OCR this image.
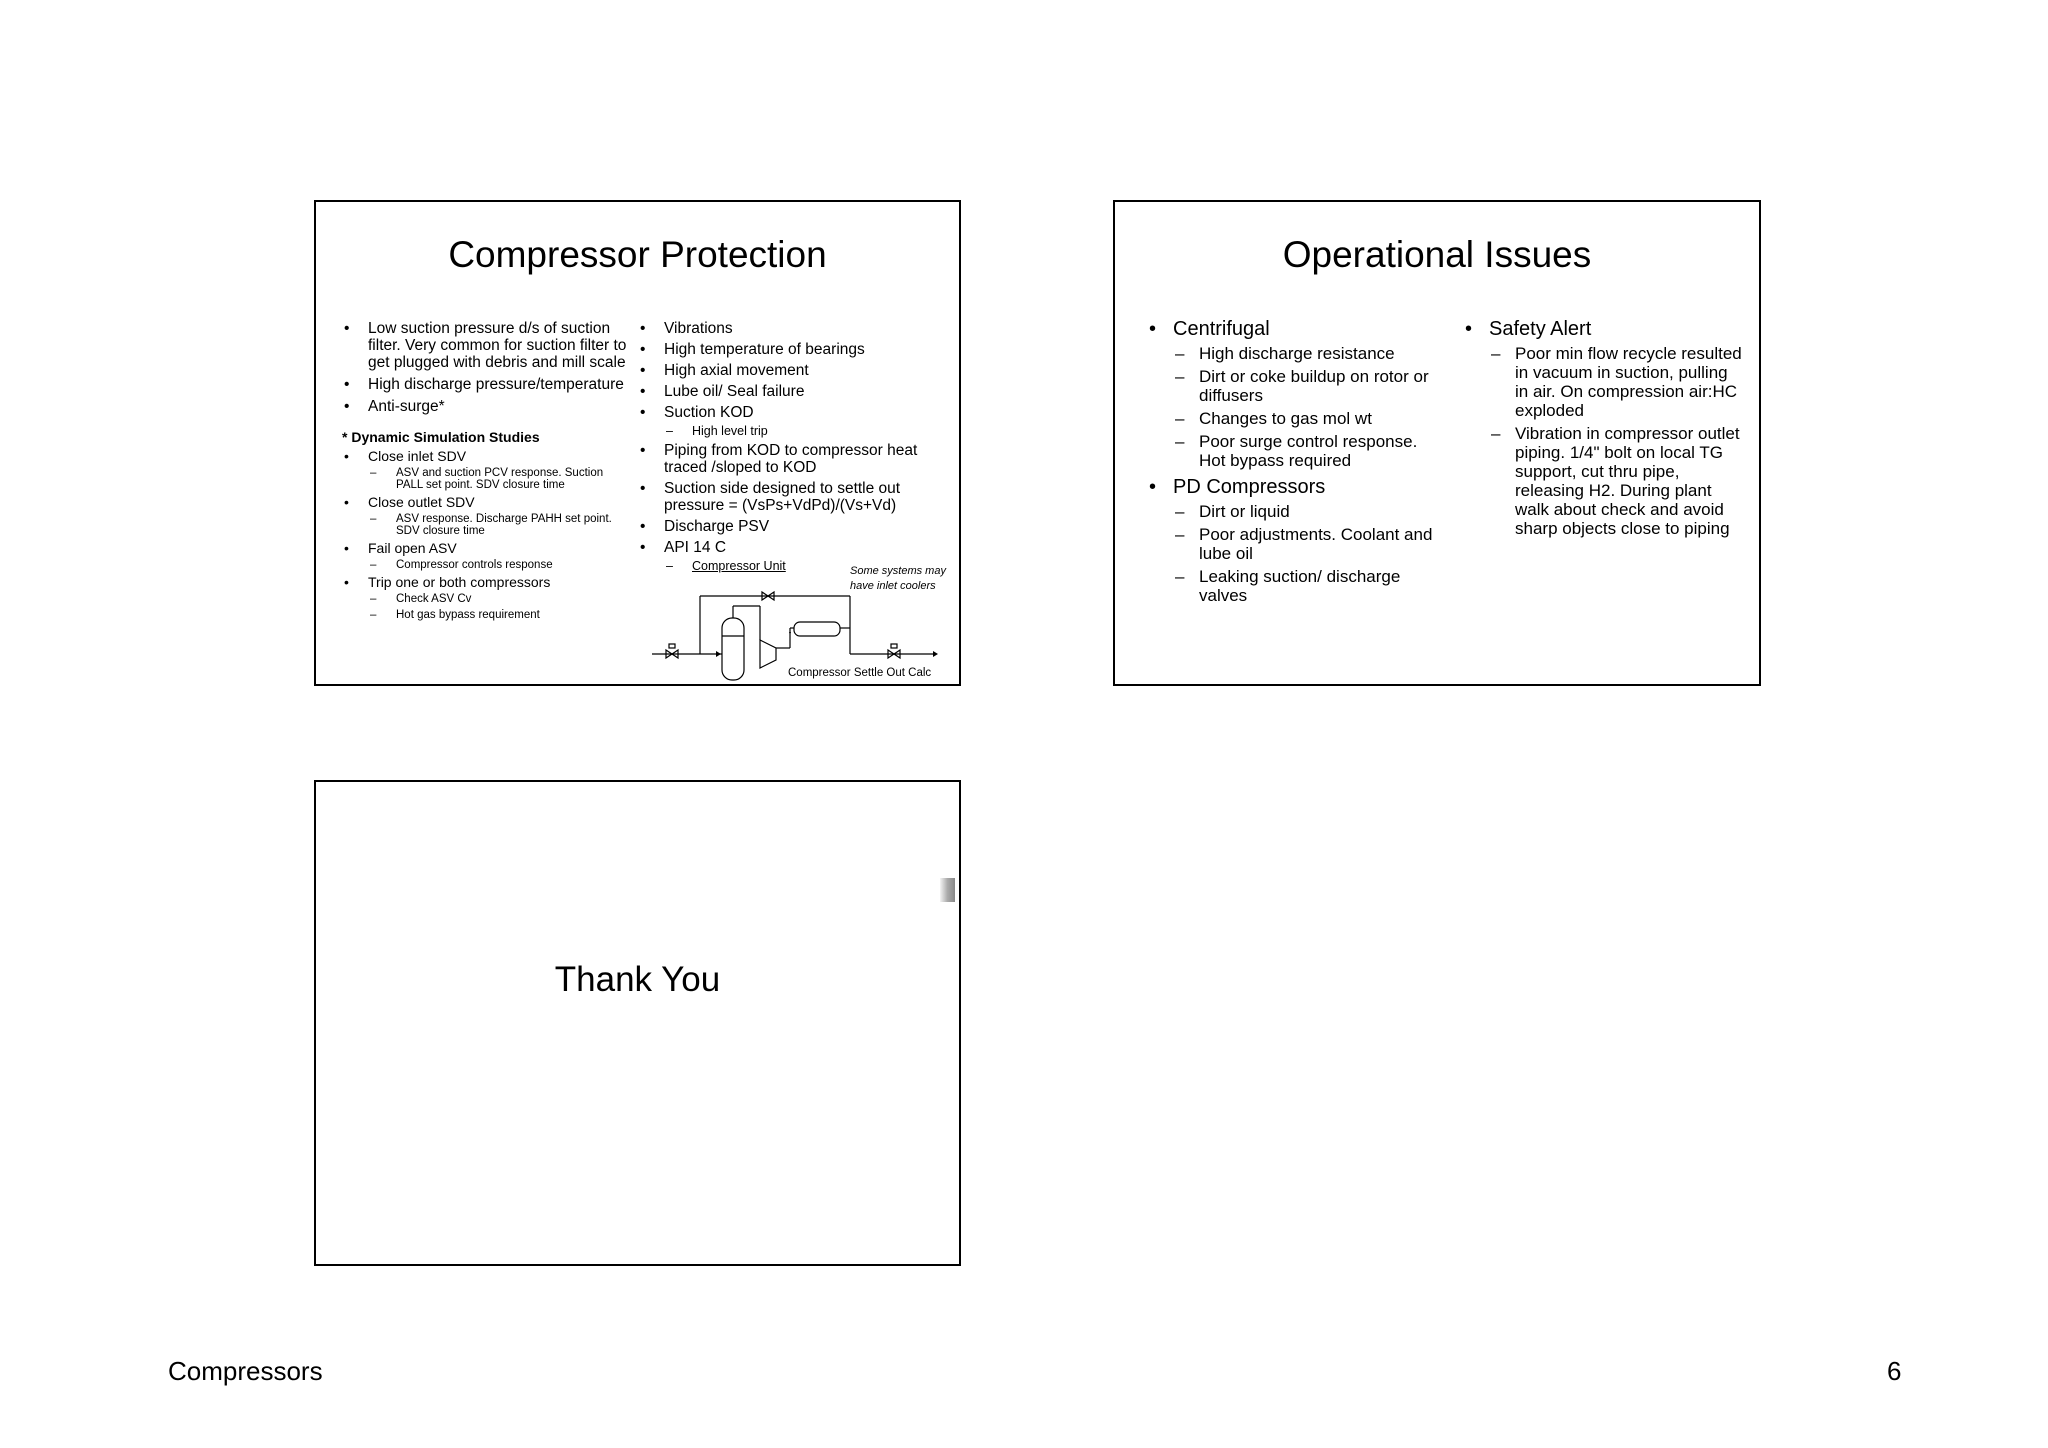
Compressor Protection
• Low suction pressure d/s of suction filter. Very common for suction filter to get plugged with debris and mill scale
• High discharge pressure/temperature
• Anti-surge*
* Dynamic Simulation Studies
• Close inlet SDV
– ASV and suction PCV response. Suction PALL set point. SDV closure time
• Close outlet SDV
– ASV response. Discharge PAHH set point. SDV closure time
• Fail open ASV
– Compressor controls response
• Trip one or both compressors
– Check ASV Cv
– Hot gas bypass requirement
• Vibrations
• High temperature of bearings
• High axial movement
• Lube oil/ Seal failure
• Suction KOD
– High level trip
• Piping from KOD to compressor heat traced /sloped to KOD
• Suction side designed to settle out pressure = (VsPs+VdPd)/(Vs+Vd)
• Discharge PSV
• API 14 C
– Compressor Unit	Some systems may have inlet coolers
Compressor Settle Out Calc
Operational Issues
• Centrifugal
– High discharge resistance
– Dirt or coke buildup on rotor or diffusers
– Changes to gas mol wt
– Poor surge control response. Hot bypass required
• PD Compressors
– Dirt or liquid
– Poor adjustments. Coolant and lube oil
– Leaking suction/ discharge valves
• Safety Alert
– Poor min flow recycle resulted in vacuum in suction, pulling in air. On compression air:HC exploded
– Vibration in compressor outlet piping. 1/4" bolt on local TG support, cut thru pipe, releasing H2. During plant walk about check and avoid sharp objects close to piping
Thank You
Compressors	6
